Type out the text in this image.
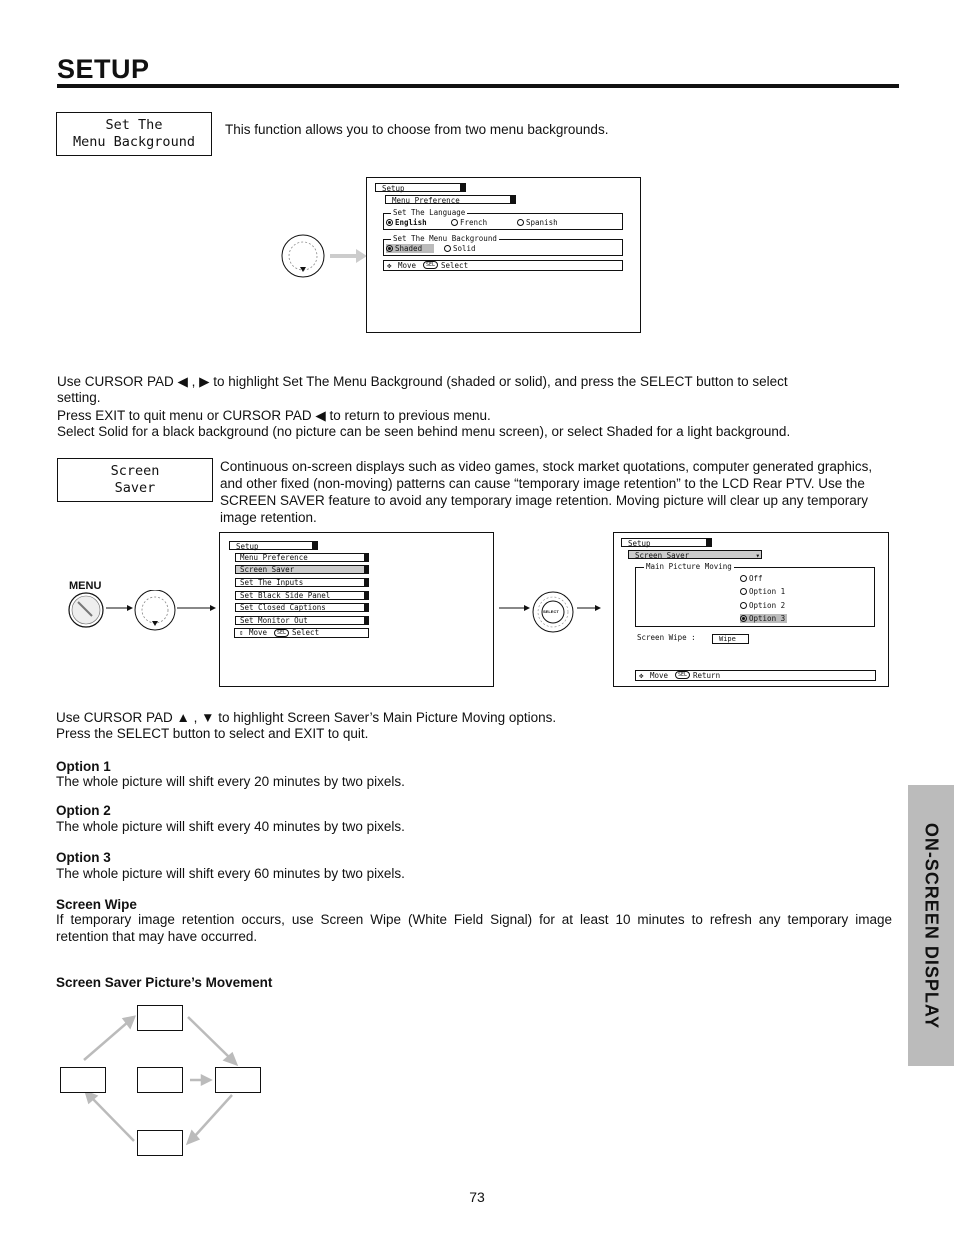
SETUP
Set The
Menu Background
This function allows you to choose from two menu backgrounds.
Setup
Menu Preference
Set The Language
English	French	Spanish
Set The Menu Background
Shaded	Solid
✥ Move	SEL Select
Use CURSOR PAD ◀ , ▶ to highlight Set The Menu Background (shaded or solid), and press the SELECT button to select
setting.
Press EXIT to quit menu or CURSOR PAD ◀ to return to previous menu.
Select Solid for a black background (no picture can be seen behind menu screen), or select Shaded for a light background.
Screen
Saver
Continuous on-screen displays such as video games, stock market quotations, computer generated graphics,
and other fixed (non-moving) patterns can cause “temporary image retention” to the LCD Rear PTV. Use the
SCREEN SAVER feature to avoid any temporary image retention. Moving picture will clear up any temporary
image retention.
MENU
Setup
Menu Preference
Screen Saver
Set The Inputs
Set Black Side Panel
Set Closed Captions
Set Monitor Out
⇕ Move	SEL Select
SELECT
Setup
Screen Saver	▾
Main Picture Moving
Off
Option 1
Option 2
Option 3
Screen Wipe :	Wipe
✥ Move	SEL Return
Use CURSOR PAD ▲ , ▼ to highlight Screen Saver’s Main Picture Moving options.
Press the SELECT button to select and EXIT to quit.
Option 1
The whole picture will shift every 20 minutes by two pixels.
Option 2
The whole picture will shift every 40 minutes by two pixels.
Option 3
The whole picture will shift every 60 minutes by two pixels.
Screen Wipe
If temporary image retention occurs, use Screen Wipe (White Field Signal) for at least 10 minutes to refresh any temporary image
retention that may have occurred.
Screen Saver Picture’s Movement	ON-SCREEN DISPLAY
73
